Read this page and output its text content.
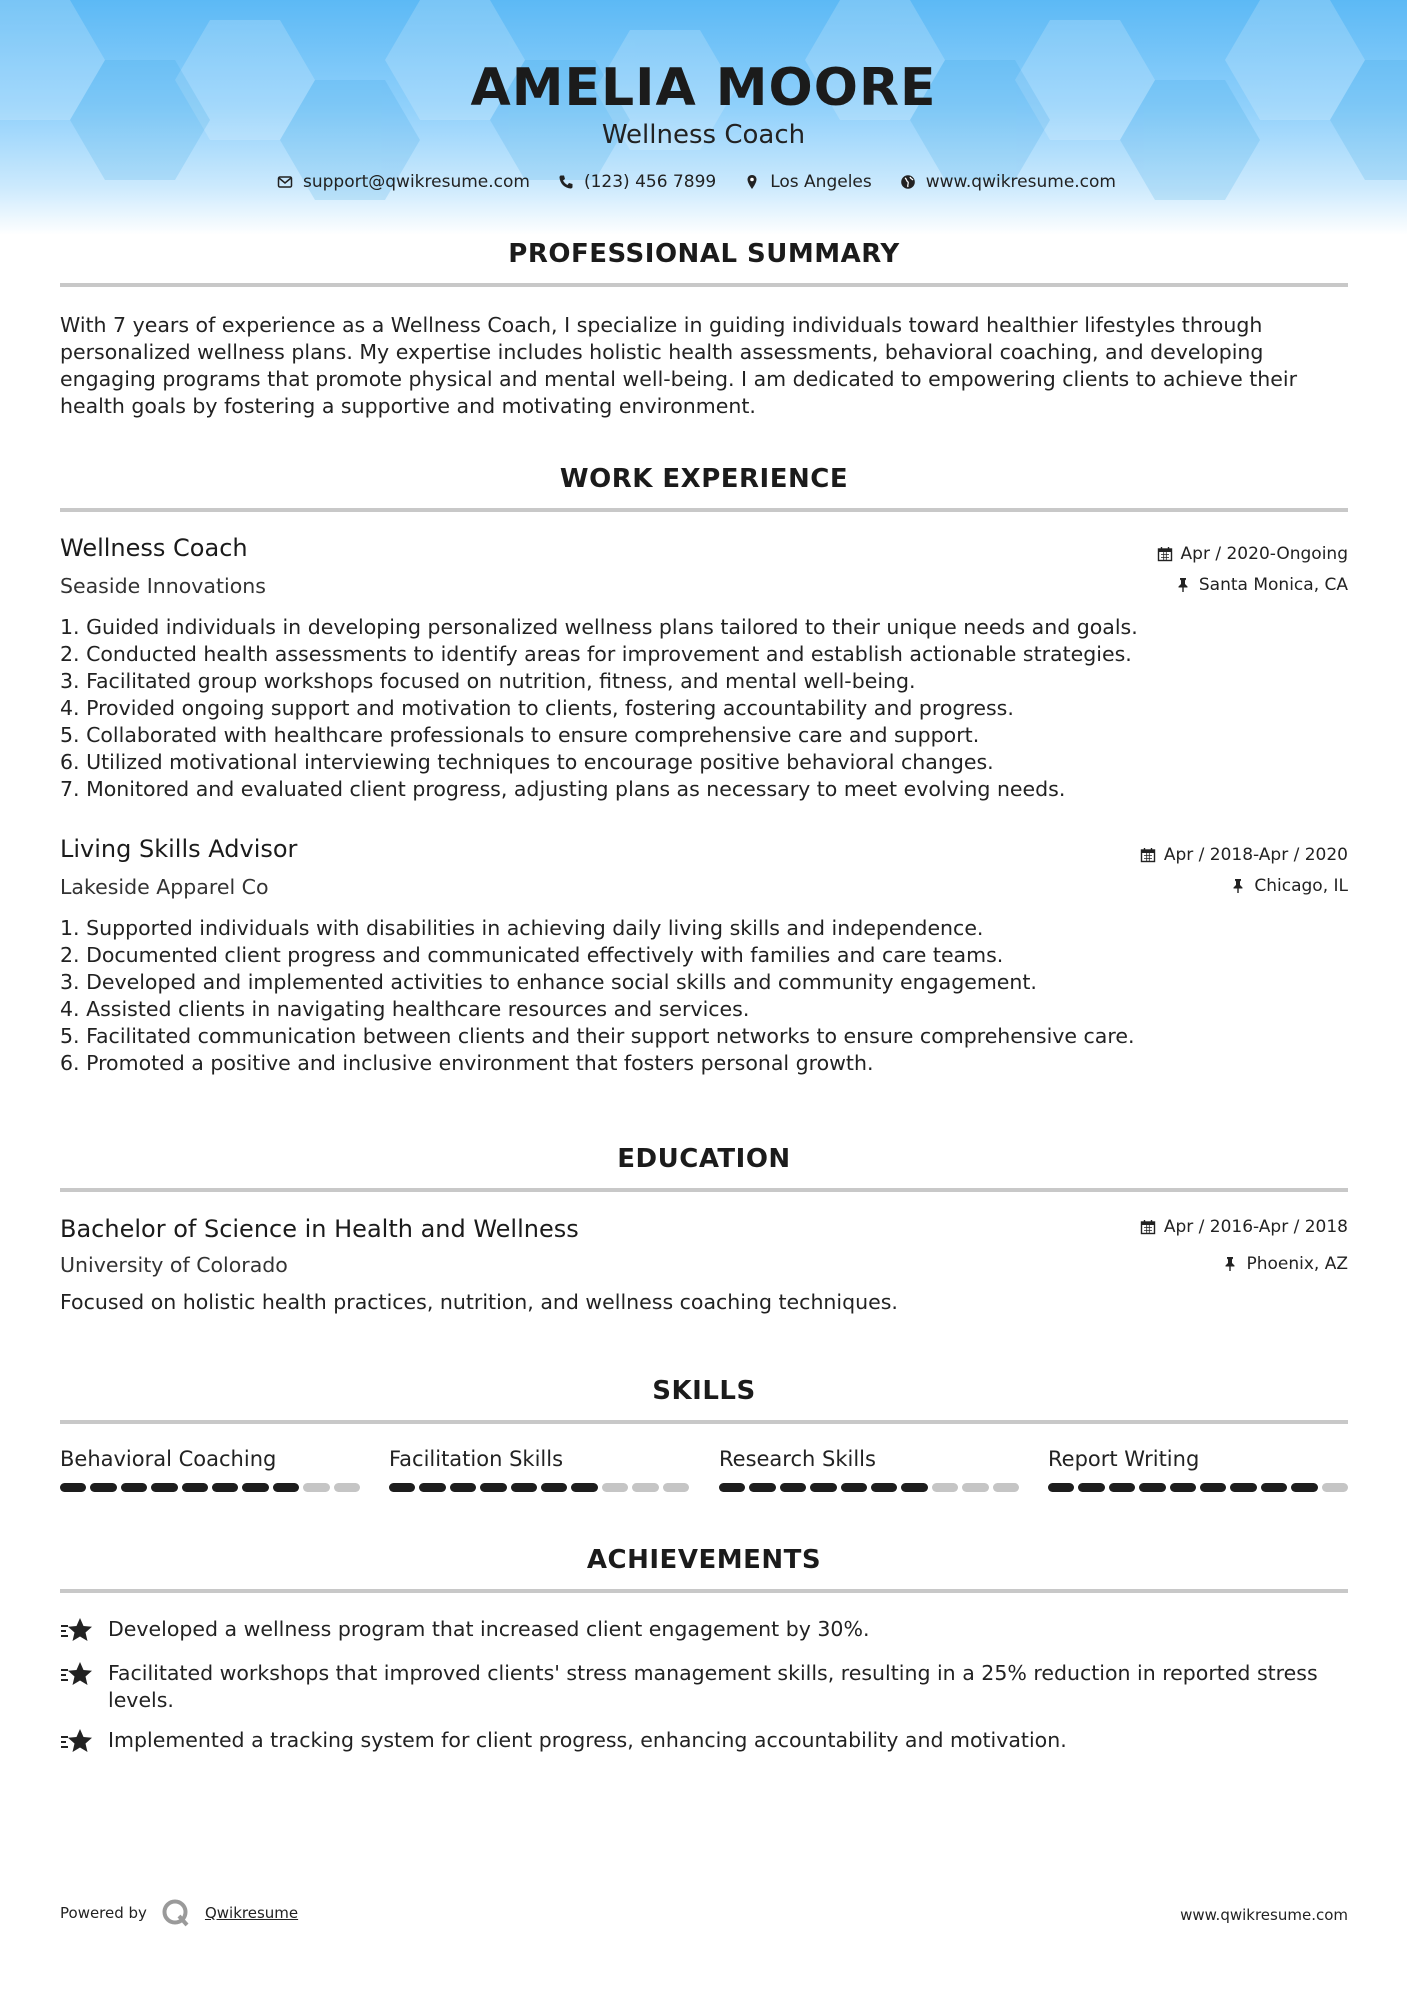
AMELIA MOORE
Wellness Coach
support@qwikresume.com	(123) 456 7899	Los Angeles	www.qwikresume.com
PROFESSIONAL SUMMARY
With 7 years of experience as a Wellness Coach, I specialize in guiding individuals toward healthier lifestyles through
personalized wellness plans. My expertise includes holistic health assessments, behavioral coaching, and developing
engaging programs that promote physical and mental well-being. I am dedicated to empowering clients to achieve their
health goals by fostering a supportive and motivating environment.
WORK EXPERIENCE
Wellness Coach	Apr / 2020-Ongoing
Seaside Innovations	Santa Monica, CA
1. Guided individuals in developing personalized wellness plans tailored to their unique needs and goals.
2. Conducted health assessments to identify areas for improvement and establish actionable strategies.
3. Facilitated group workshops focused on nutrition, fitness, and mental well-being.
4. Provided ongoing support and motivation to clients, fostering accountability and progress.
5. Collaborated with healthcare professionals to ensure comprehensive care and support.
6. Utilized motivational interviewing techniques to encourage positive behavioral changes.
7. Monitored and evaluated client progress, adjusting plans as necessary to meet evolving needs.
Living Skills Advisor	Apr / 2018-Apr / 2020
Lakeside Apparel Co	Chicago, IL
1. Supported individuals with disabilities in achieving daily living skills and independence.
2. Documented client progress and communicated effectively with families and care teams.
3. Developed and implemented activities to enhance social skills and community engagement.
4. Assisted clients in navigating healthcare resources and services.
5. Facilitated communication between clients and their support networks to ensure comprehensive care.
6. Promoted a positive and inclusive environment that fosters personal growth.
EDUCATION
Bachelor of Science in Health and Wellness	Apr / 2016-Apr / 2018
University of Colorado	Phoenix, AZ
Focused on holistic health practices, nutrition, and wellness coaching techniques.
SKILLS
Behavioral Coaching	Facilitation Skills	Research Skills	Report Writing
ACHIEVEMENTS
Developed a wellness program that increased client engagement by 30%.
Facilitated workshops that improved clients' stress management skills, resulting in a 25% reduction in reported stress levels.
Implemented a tracking system for client progress, enhancing accountability and motivation.
Powered by	Qwikresume	www.qwikresume.com
